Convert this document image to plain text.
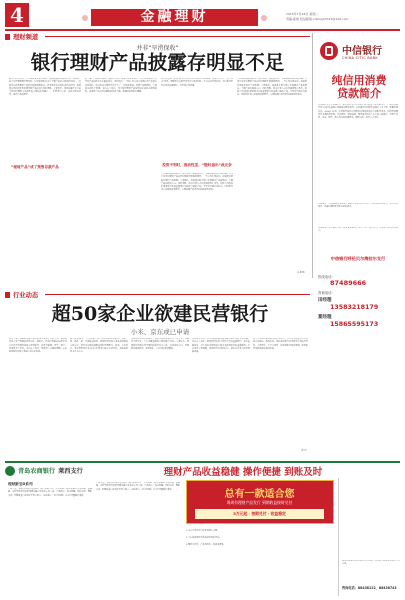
4	金融理财	2015年7月28日 星期二
责编:崔楼 短信邮箱:cqlihigh3319@126.com
理财频道
并非“旱涝保收”
银行理财产品披露存明显不足
除市场行情以外，不少投资者对银行理财产品的披露情况颇有微词，近期的产品告知不够明确不够及时，让投资者难以充分了解产品的实际运作情况。一些银行在推荐理财产品时只强调预期收益，对可能存在的风险则轻描淡写，投资者在签约时很难准确判断产品的真实风险等级。专家表示，信息披露不充分是当前银行理财市场需要重点解决的问题之一，监管部门应进一步完善相关制度，提高产品透明度。
“理财产品”成了预售存款产品
据了解，目前银行理财产品的主要发售渠道仍是营业网点，客户经理在销售环节对产品的推介往往偏重收益，淡化风险。“当时工作人员告诉我这款产品基本没有风险，收益也比定期存款高不少。”一位投资者说。然而产品到期后，实际收益却低于预期。业内人士指出，部分银行理财产品说明书中的收益测算依据、投资组合构成等关键信息表述含糊，普通投资者难以理解。
在监管层面，相关部门已多次发文要求银行规范理财产品销售行为，实行“双录”制度，明确要求在销售环节充分揭示风险。不过从执行情况看，部分银行仍存在信息披露滞后、内容简单等问题。
投资不利时，流动性差、“随时退出”成无奈
与其他投资品种相比，银行理财产品的流动性一直是投资者关心的问题。大部分封闭式理财产品在存续期间不能提前赎回，一旦市场出现波动，投资者只能被动等待产品到期。专家建议，投资者在购买前应仔细阅读产品说明书，了解产品的投资方向、风险等级、收益计算方式以及提前终止条款，根据自身的风险承受能力和资金使用计划选择合适的产品，不要盲目追求高收益。同时银行也应加强投资者教育，定期披露产品净值和投资运作情况。
与其他投资品种相比，银行理财产品的流动性一直是投资者关心的问题。大部分封闭式理财产品在存续期间不能提前赎回，一旦市场出现波动，投资者只能被动等待产品到期。专家建议，投资者在购买前应仔细阅读产品说明书，了解产品的投资方向、风险等级、收益计算方式以及提前终止条款，根据自身的风险承受能力和资金使用计划选择合适的产品，不要盲目追求高收益。同时银行也应加强投资者教育，定期披露产品净值和投资运作情况。
（人民网）
中信银行
CHINA CITIC BANK
纯信用消费
贷款简介
中信银行成立于1987年，是中国改革开放中最早成立的新兴商业银行之一，是中国最早参与国内外金融市场融资的商业银行，并以屡创中国现代金融史上多个第一而蜚声海内外。2006年12月，中信银行被纳入国际知名媒体评选的全球银行排名。纯信用消费贷款无需抵押担保，手续简便，审批快捷，额度最高可达个人年收入的数倍，可用于装修、旅游、教育、购车等多种消费用途，期限灵活，还款方式多样。
办理条件：年满18周岁具有完全民事行为能力的自然人，有稳定职业和收入，信用记录良好，具备按期偿还贷款本息的能力。
办理流程：客户提出申请，银行受理审核，签订合同，发放贷款。详情请咨询各营业网点。
中信银行呼伦贝尔海拉尔支行
热线电话：
87489666
咨询电话：
田经理
13583218179
夏经理
15865595173
行业动态
超50家企业欲建民营银行
小米、京东或已申请
随着《关于促进民营银行发展的指导意见》日前下发，民营银行准入有了明确的制度安排。据统计，目前已有超过50家企业公开表示有意发起设立民营银行，涉及互联网、零售、地产、制造等多个行业。业内人士表示，随着准入门槛的明确，未来民营银行的设立将进入常态化阶段。
指导意见提出，坚持依法合规，积极发展民营银行，成熟一家，批准一家，不设数量限制。民营银行的设立须具备清晰的市场定位、差异化的发展战略和风险管理能力。据悉，小米科技、京东集团等企业或已向监管部门提交申请材料，具体进展尚未正式公布。
在民营银行试点过程中，首批五家民营银行已全部开业，在服务小微企业、个人消费金融等方面积累了经验。专家认为，民营银行要想在竞争激烈的银行业中立足，必须找准定位，发挥股东资源优势，走特色化、专业化的发展道路。
从政策导向看，监管层鼓励民营资本进入银行业的态度明确。业内人士指出，民营银行的设立有利于增加金融供给，完善金融体系，为实体经济特别是小微企业提供更好的金融服务。不过也有专家提醒，民营银行在风险防控、资本补充等方面仍面临挑战。
对于申请设立民营银行的企业而言，监管部门将重点考察发起人的资质、股权结构、风险承担能力以及商业计划的可行性。专家预计，下半年将有一批民营银行获批筹建，民营银行发展将迎来新的阶段。
（京华）
青岛农商银行 莱西支行	理财产品收益稳健 操作便捷 到账及时
理财新宝D系列
产品类型：保本浮动收益型理财产品。投资方向：主要投资于银行间债券市场国债、金融债、央行票据等高信用等级的债券及货币市场工具。产品特点：收益稳健、风险较低、期限灵活、到期资金自动划转至客户账户。认购起点：5万元起购，以1万元整数倍递增。
产品类型：保本浮动收益型理财产品。投资方向：主要投资于银行间债券市场国债、金融债、央行票据等高信用等级的债券及货币市场工具。产品特点：收益稳健、风险较低、期限灵活、到期资金自动划转至客户账户。认购起点：5万元起购，以1万元整数倍递增。	总有一款适合您
周周有理财产品发行 到期收益按时兑付
5万元起 · 按期兑付 · 收益稳定
1.本人持有效身份证件到网点办理。
2.个人投资者购买前须进行风险评估。
3.理财非存款，产品有风险，投资须谨慎。
莱西农商银行营业网点均可办理，详情请咨询各营业网点工作人员。
咨询电话：88438122、88438743
